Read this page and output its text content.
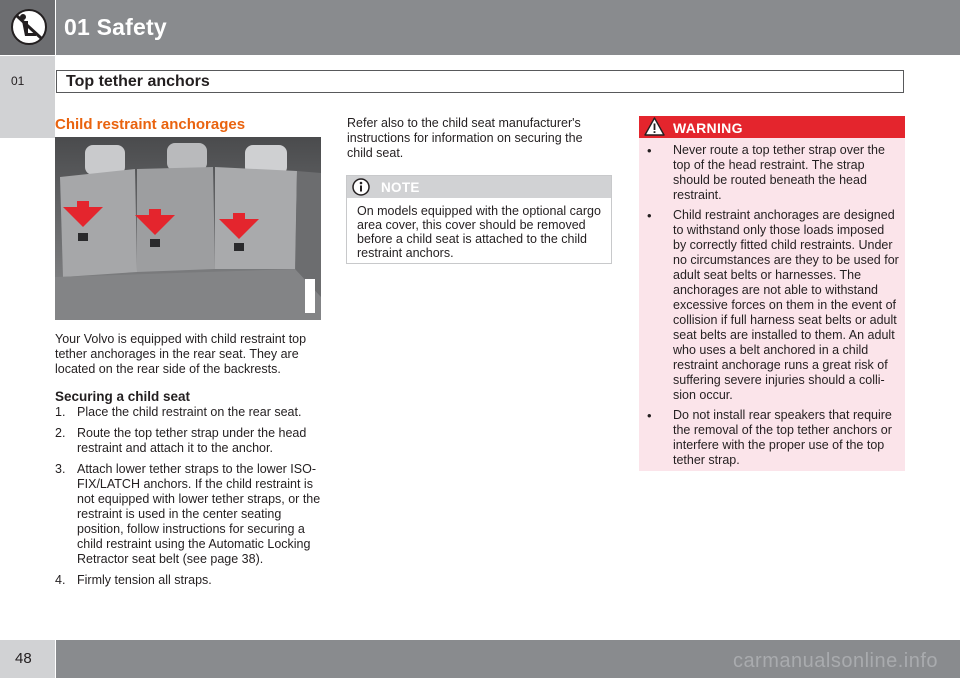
01 Safety
01	Top tether anchors
Child restraint anchorages
Your Volvo is equipped with child restraint top tether anchorages in the rear seat. They are located on the rear side of the backrests.
Securing a child seat
1. Place the child restraint on the rear seat.
2. Route the top tether strap under the head restraint and attach it to the anchor.
3. Attach lower tether straps to the lower ISO-FIX/LATCH anchors. If the child restraint is not equipped with lower tether straps, or the restraint is used in the center seating position, follow instructions for securing a child restraint using the Automatic Locking Retractor seat belt (see page 38).
4. Firmly tension all straps.
Refer also to the child seat manufacturer's instructions for information on securing the child seat.
NOTE
On models equipped with the optional cargo area cover, this cover should be removed before a child seat is attached to the child restraint anchors.
WARNING
• Never route a top tether strap over the top of the head restraint. The strap should be routed beneath the head restraint.
• Child restraint anchorages are designed to withstand only those loads imposed by correctly fitted child restraints. Under no circumstances are they to be used for adult seat belts or harnesses. The anchorages are not able to withstand excessive forces on them in the event of collision if full harness seat belts or adult seat belts are installed to them. An adult who uses a belt anchored in a child restraint anchorage runs a great risk of suffering severe injuries should a colli-sion occur.
• Do not install rear speakers that require the removal of the top tether anchors or interfere with the proper use of the top tether strap.
48	carmanualsonline.info
